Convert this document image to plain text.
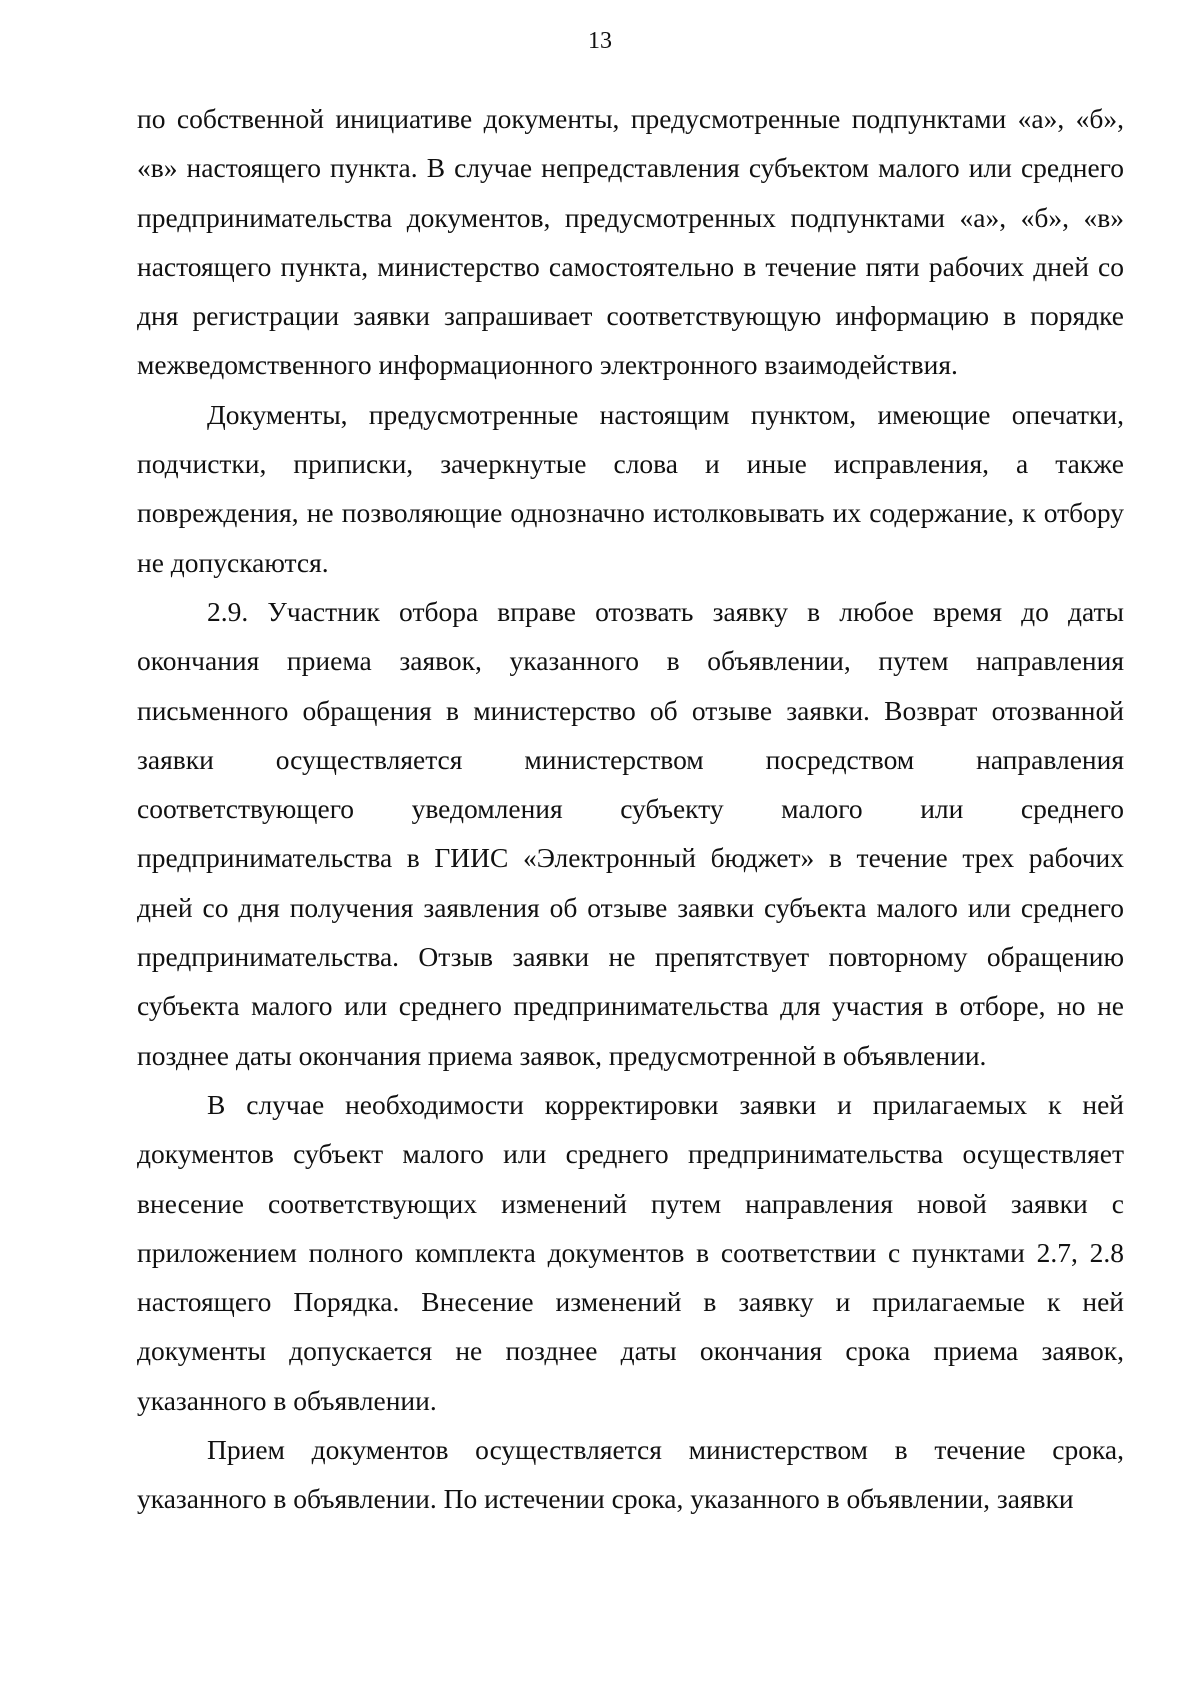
13

по собственной инициативе документы, предусмотренные подпунктами «а», «б», «в» настоящего пункта. В случае непредставления субъектом малого или среднего предпринимательства документов, предусмотренных подпунктами «а», «б», «в» настоящего пункта, министерство самостоятельно в течение пяти рабочих дней со дня регистрации заявки запрашивает соответствующую информацию в порядке межведомственного информационного электронного взаимодействия.

Документы, предусмотренные настоящим пунктом, имеющие опечатки, подчистки, приписки, зачеркнутые слова и иные исправления, а также повреждения, не позволяющие однозначно истолковывать их содержание, к отбору не допускаются.

2.9. Участник отбора вправе отозвать заявку в любое время до даты окончания приема заявок, указанного в объявлении, путем направления письменного обращения в министерство об отзыве заявки. Возврат отозванной заявки осуществляется министерством посредством направления соответствующего уведомления субъекту малого или среднего предпринимательства в ГИИС «Электронный бюджет» в течение трех рабочих дней со дня получения заявления об отзыве заявки субъекта малого или среднего предпринимательства. Отзыв заявки не препятствует повторному обращению субъекта малого или среднего предпринимательства для участия в отборе, но не позднее даты окончания приема заявок, предусмотренной в объявлении.

В случае необходимости корректировки заявки и прилагаемых к ней документов субъект малого или среднего предпринимательства осуществляет внесение соответствующих изменений путем направления новой заявки с приложением полного комплекта документов в соответствии с пунктами 2.7, 2.8 настоящего Порядка. Внесение изменений в заявку и прилагаемые к ней документы допускается не позднее даты окончания срока приема заявок, указанного в объявлении.

Прием документов осуществляется министерством в течение срока, указанного в объявлении. По истечении срока, указанного в объявлении, заявки
